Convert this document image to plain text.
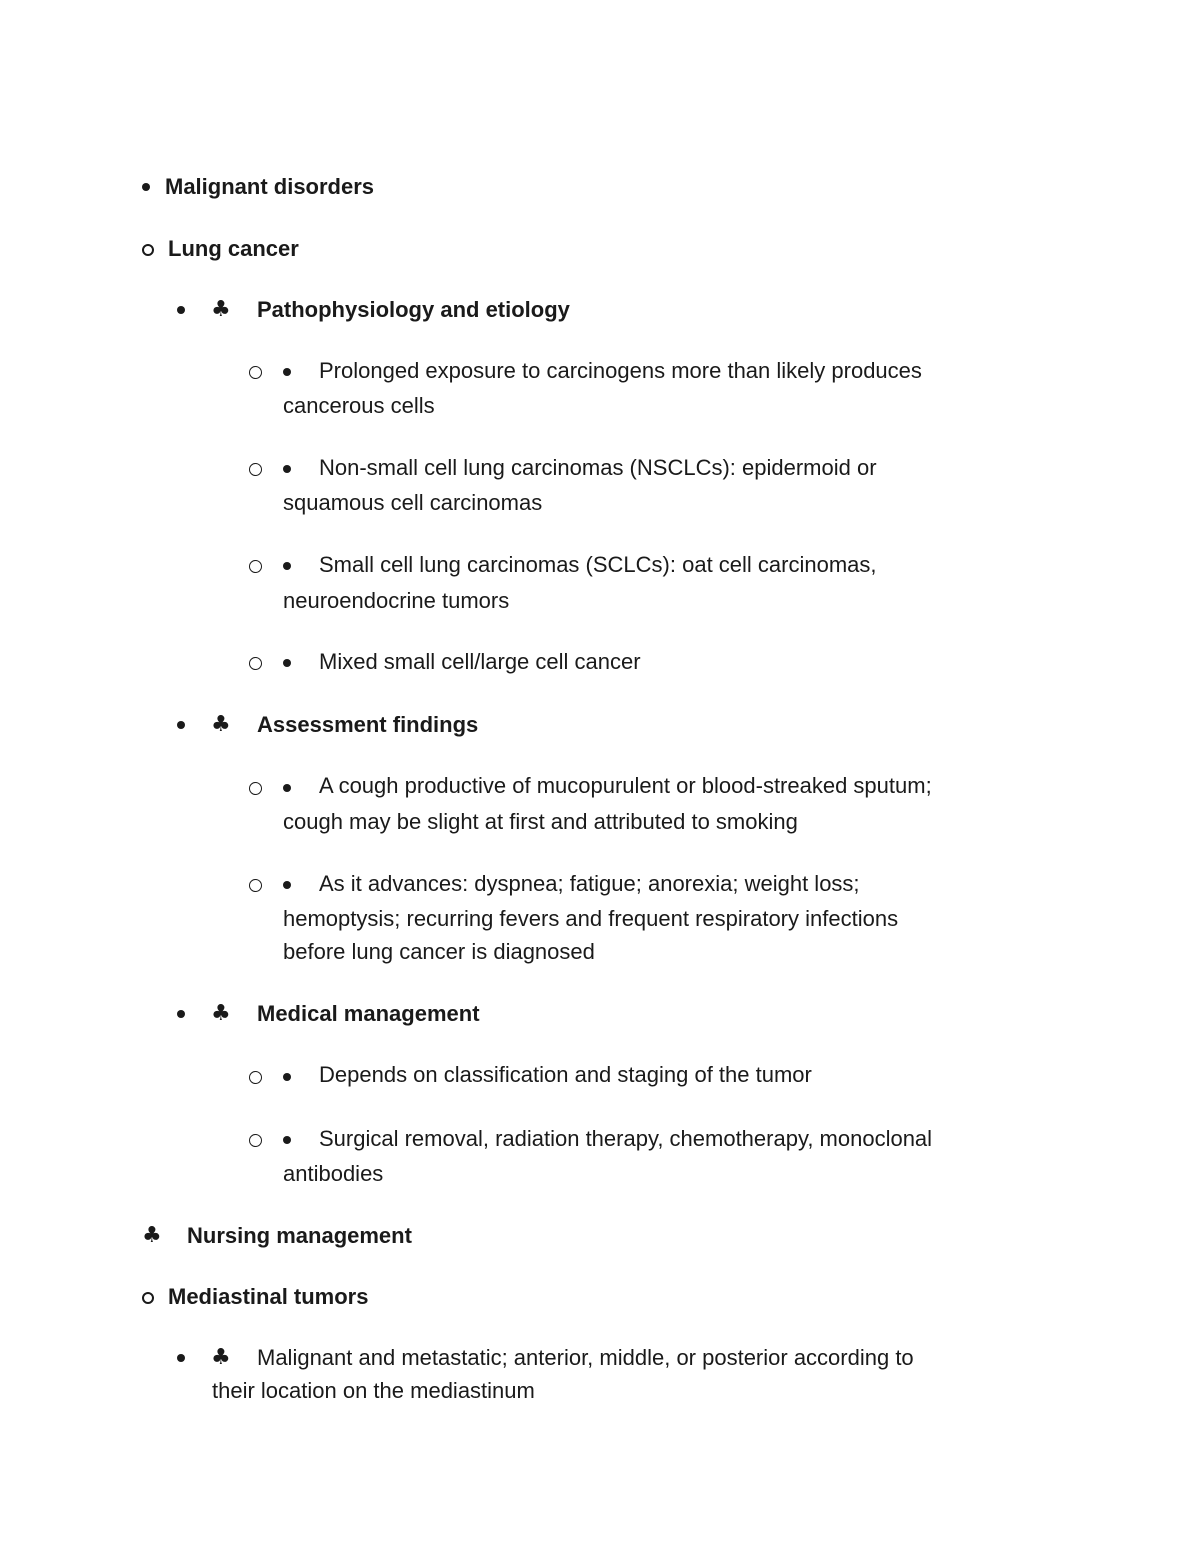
Malignant disorders
Lung cancer
♣ Pathophysiology and etiology
Prolonged exposure to carcinogens more than likely produces
cancerous cells
Non-small cell lung carcinomas (NSCLCs): epidermoid or
squamous cell carcinomas
Small cell lung carcinomas (SCLCs): oat cell carcinomas,
neuroendocrine tumors
Mixed small cell/large cell cancer
♣ Assessment findings
A cough productive of mucopurulent or blood-streaked sputum;
cough may be slight at first and attributed to smoking
As it advances: dyspnea; fatigue; anorexia; weight loss;
hemoptysis; recurring fevers and frequent respiratory infections
before lung cancer is diagnosed
♣ Medical management
Depends on classification and staging of the tumor
Surgical removal, radiation therapy, chemotherapy, monoclonal
antibodies
♣ Nursing management
Mediastinal tumors
♣ Malignant and metastatic; anterior, middle, or posterior according to
their location on the mediastinum
